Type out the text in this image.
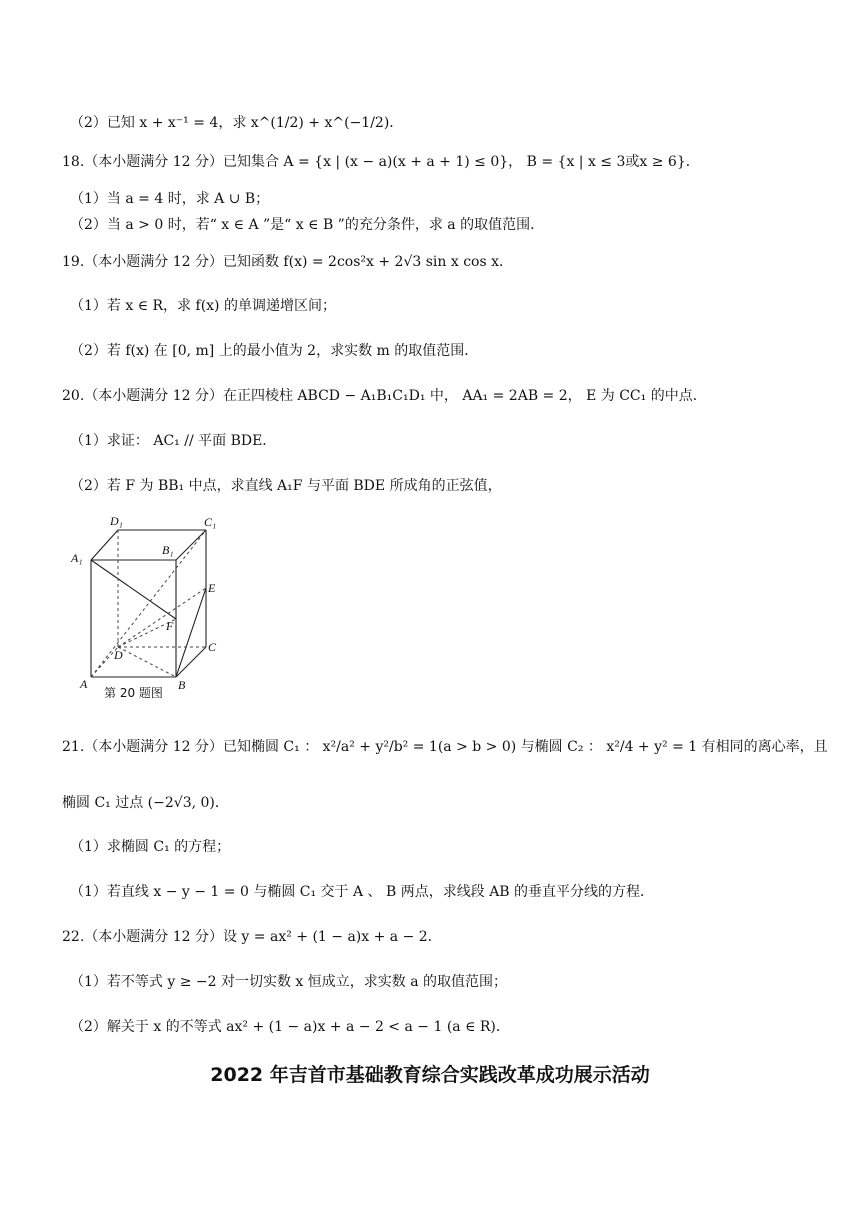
（2）已知 x + x⁻¹ = 4，求 x^(1/2) + x^(−1/2)．
18.（本小题满分 12 分）已知集合 A = {x | (x − a)(x + a + 1) ≤ 0}， B = {x | x ≤ 3或x ≥ 6}．
（1）当 a = 4 时，求 A ∪ B；
（2）当 a > 0 时，若“ x ∈ A ”是“ x ∈ B ”的充分条件，求 a 的取值范围．
19.（本小题满分 12 分）已知函数 f(x) = 2cos²x + 2√3 sin x cos x．
（1）若 x ∈ R，求 f(x) 的单调递增区间；
（2）若 f(x) 在 [0, m] 上的最小值为 2，求实数 m 的取值范围．
20.（本小题满分 12 分）在正四棱柱 ABCD − A₁B₁C₁D₁ 中， AA₁ = 2AB = 2， E 为 CC₁ 的中点．
（1）求证： AC₁ // 平面 BDE．
（2）若 F 为 BB₁ 中点，求直线 A₁F 与平面 BDE 所成角的正弦值，
D₁	C₁
A₁
B₁
E
F
D
C
A	B
第 20 题图
21.（本小题满分 12 分）已知椭圆 C₁ ： x²/a² + y²/b² = 1(a > b > 0) 与椭圆 C₂ ： x²/4 + y² = 1 有相同的离心率，且
椭圆 C₁ 过点 (−2√3, 0)．
（1）求椭圆 C₁ 的方程；
（1）若直线 x − y − 1 = 0 与椭圆 C₁ 交于 A 、 B 两点，求线段 AB 的垂直平分线的方程．
22.（本小题满分 12 分）设 y = ax² + (1 − a)x + a − 2．
（1）若不等式 y ≥ −2 对一切实数 x 恒成立，求实数 a 的取值范围；
（2）解关于 x 的不等式 ax² + (1 − a)x + a − 2 < a − 1 (a ∈ R)．
2022 年吉首市基础教育综合实践改革成功展示活动
